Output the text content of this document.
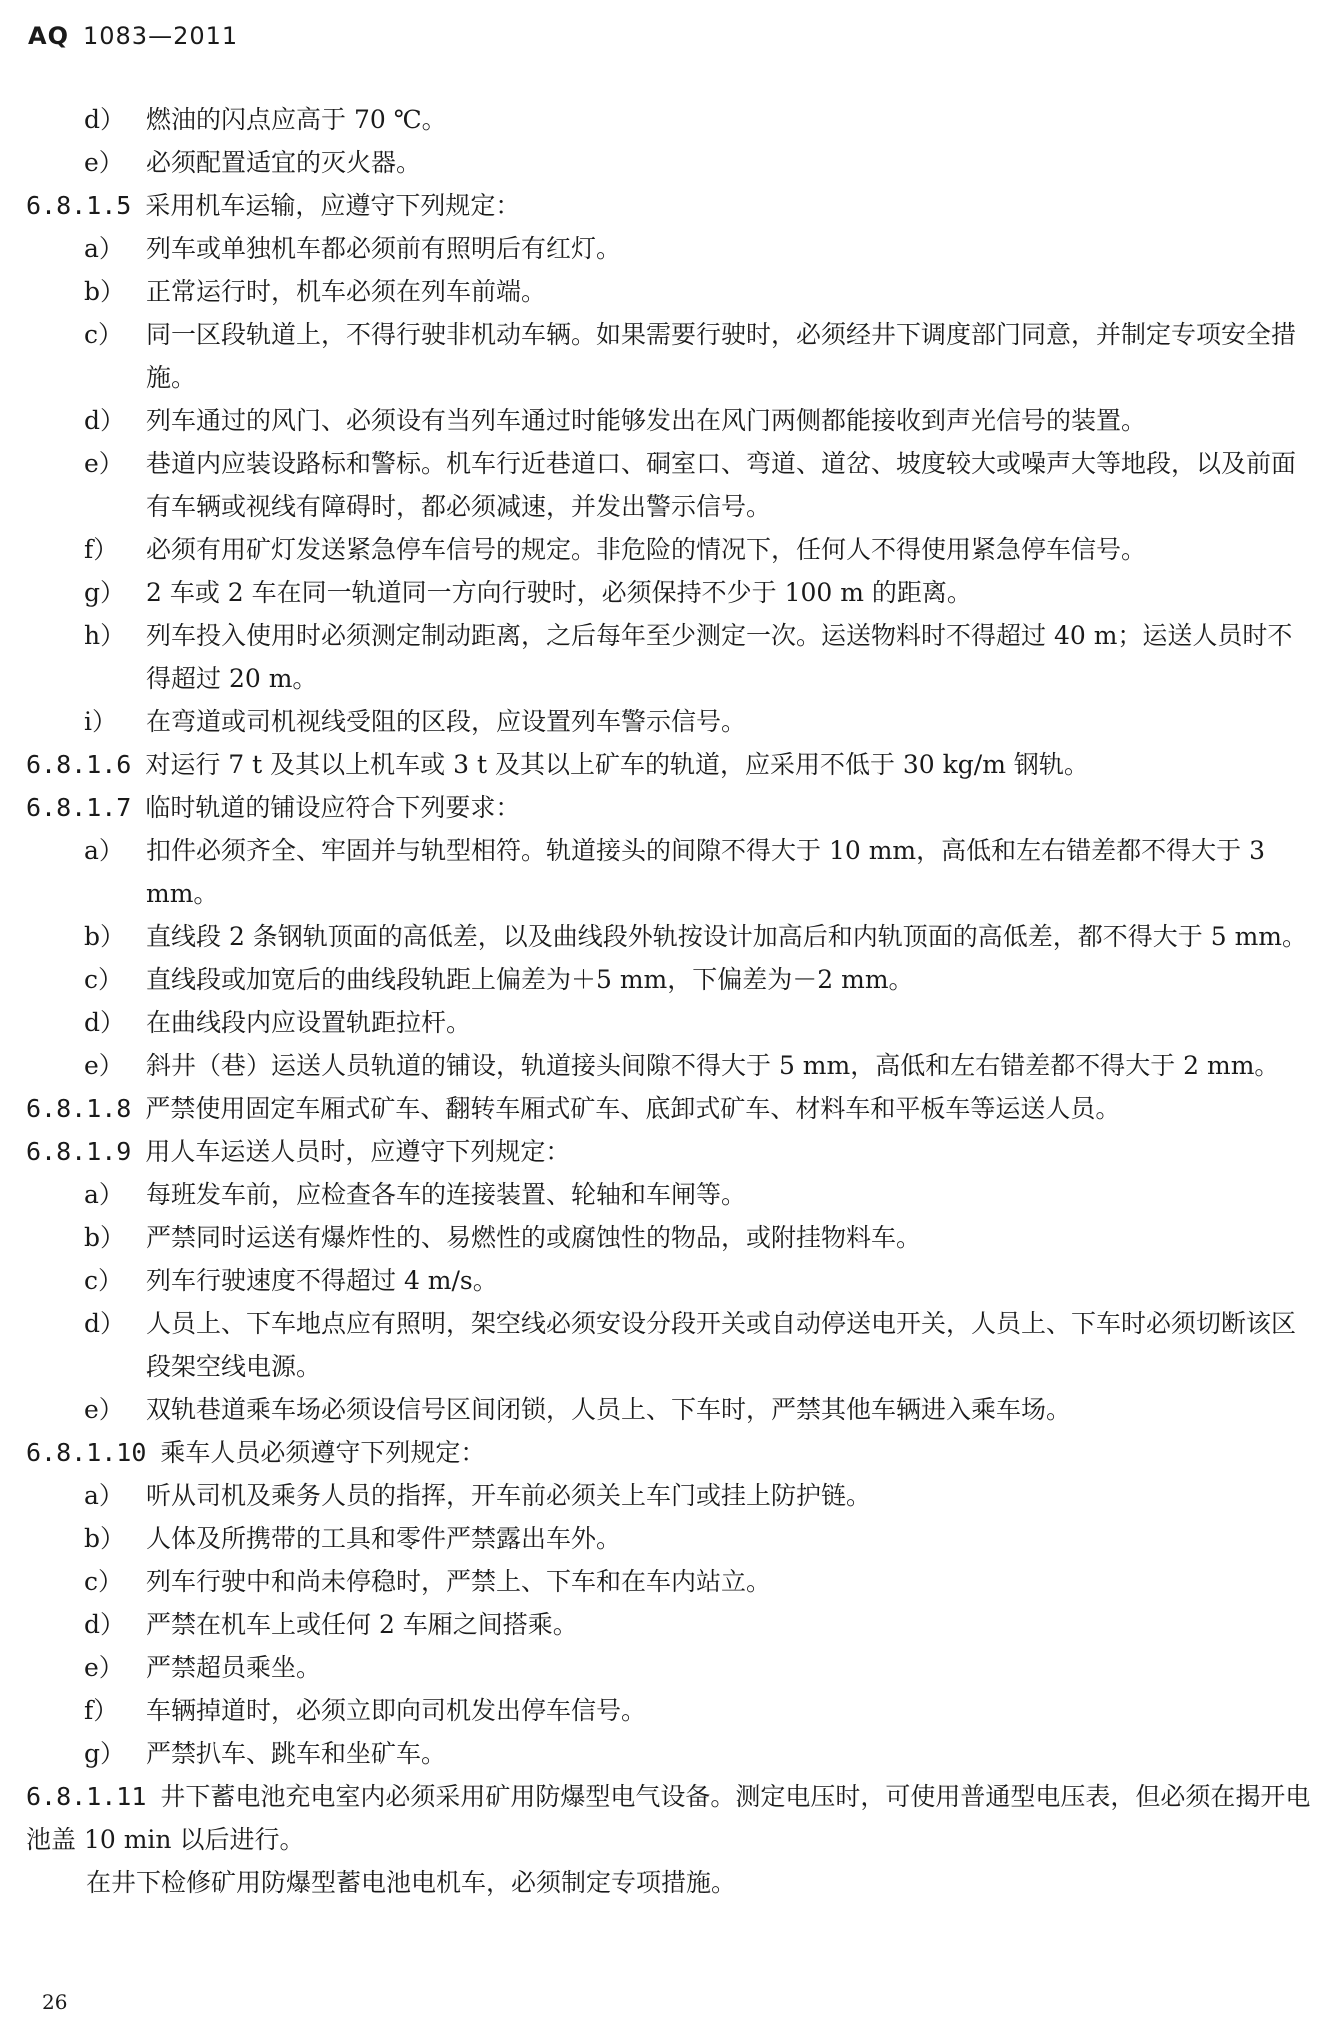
AQ 1083—2011
d） 燃油的闪点应高于 70 ℃。
e） 必须配置适宜的灭火器。
6.8.1.5 采用机车运输，应遵守下列规定：
a） 列车或单独机车都必须前有照明后有红灯。
b） 正常运行时，机车必须在列车前端。
c） 同一区段轨道上，不得行驶非机动车辆。如果需要行驶时，必须经井下调度部门同意，并制定专项安全措施。
d） 列车通过的风门、必须设有当列车通过时能够发出在风门两侧都能接收到声光信号的装置。
e） 巷道内应装设路标和警标。机车行近巷道口、硐室口、弯道、道岔、坡度较大或噪声大等地段，以及前面有车辆或视线有障碍时，都必须减速，并发出警示信号。
f） 必须有用矿灯发送紧急停车信号的规定。非危险的情况下，任何人不得使用紧急停车信号。
g） 2 车或 2 车在同一轨道同一方向行驶时，必须保持不少于 100 m 的距离。
h） 列车投入使用时必须测定制动距离，之后每年至少测定一次。运送物料时不得超过 40 m；运送人员时不得超过 20 m。
i） 在弯道或司机视线受阻的区段，应设置列车警示信号。
6.8.1.6 对运行 7 t 及其以上机车或 3 t 及其以上矿车的轨道，应采用不低于 30 kg/m 钢轨。
6.8.1.7 临时轨道的铺设应符合下列要求：
a） 扣件必须齐全、牢固并与轨型相符。轨道接头的间隙不得大于 10 mm，高低和左右错差都不得大于 3 mm。
b） 直线段 2 条钢轨顶面的高低差，以及曲线段外轨按设计加高后和内轨顶面的高低差，都不得大于 5 mm。
c） 直线段或加宽后的曲线段轨距上偏差为＋5 mm，下偏差为－2 mm。
d） 在曲线段内应设置轨距拉杆。
e） 斜井（巷）运送人员轨道的铺设，轨道接头间隙不得大于 5 mm，高低和左右错差都不得大于 2 mm。
6.8.1.8 严禁使用固定车厢式矿车、翻转车厢式矿车、底卸式矿车、材料车和平板车等运送人员。
6.8.1.9 用人车运送人员时，应遵守下列规定：
a） 每班发车前，应检查各车的连接装置、轮轴和车闸等。
b） 严禁同时运送有爆炸性的、易燃性的或腐蚀性的物品，或附挂物料车。
c） 列车行驶速度不得超过 4 m/s。
d） 人员上、下车地点应有照明，架空线必须安设分段开关或自动停送电开关，人员上、下车时必须切断该区段架空线电源。
e） 双轨巷道乘车场必须设信号区间闭锁，人员上、下车时，严禁其他车辆进入乘车场。
6.8.1.10 乘车人员必须遵守下列规定：
a） 听从司机及乘务人员的指挥，开车前必须关上车门或挂上防护链。
b） 人体及所携带的工具和零件严禁露出车外。
c） 列车行驶中和尚未停稳时，严禁上、下车和在车内站立。
d） 严禁在机车上或任何 2 车厢之间搭乘。
e） 严禁超员乘坐。
f） 车辆掉道时，必须立即向司机发出停车信号。
g） 严禁扒车、跳车和坐矿车。
6.8.1.11 井下蓄电池充电室内必须采用矿用防爆型电气设备。测定电压时，可使用普通型电压表，但必须在揭开电池盖 10 min 以后进行。
在井下检修矿用防爆型蓄电池电机车，必须制定专项措施。
26
